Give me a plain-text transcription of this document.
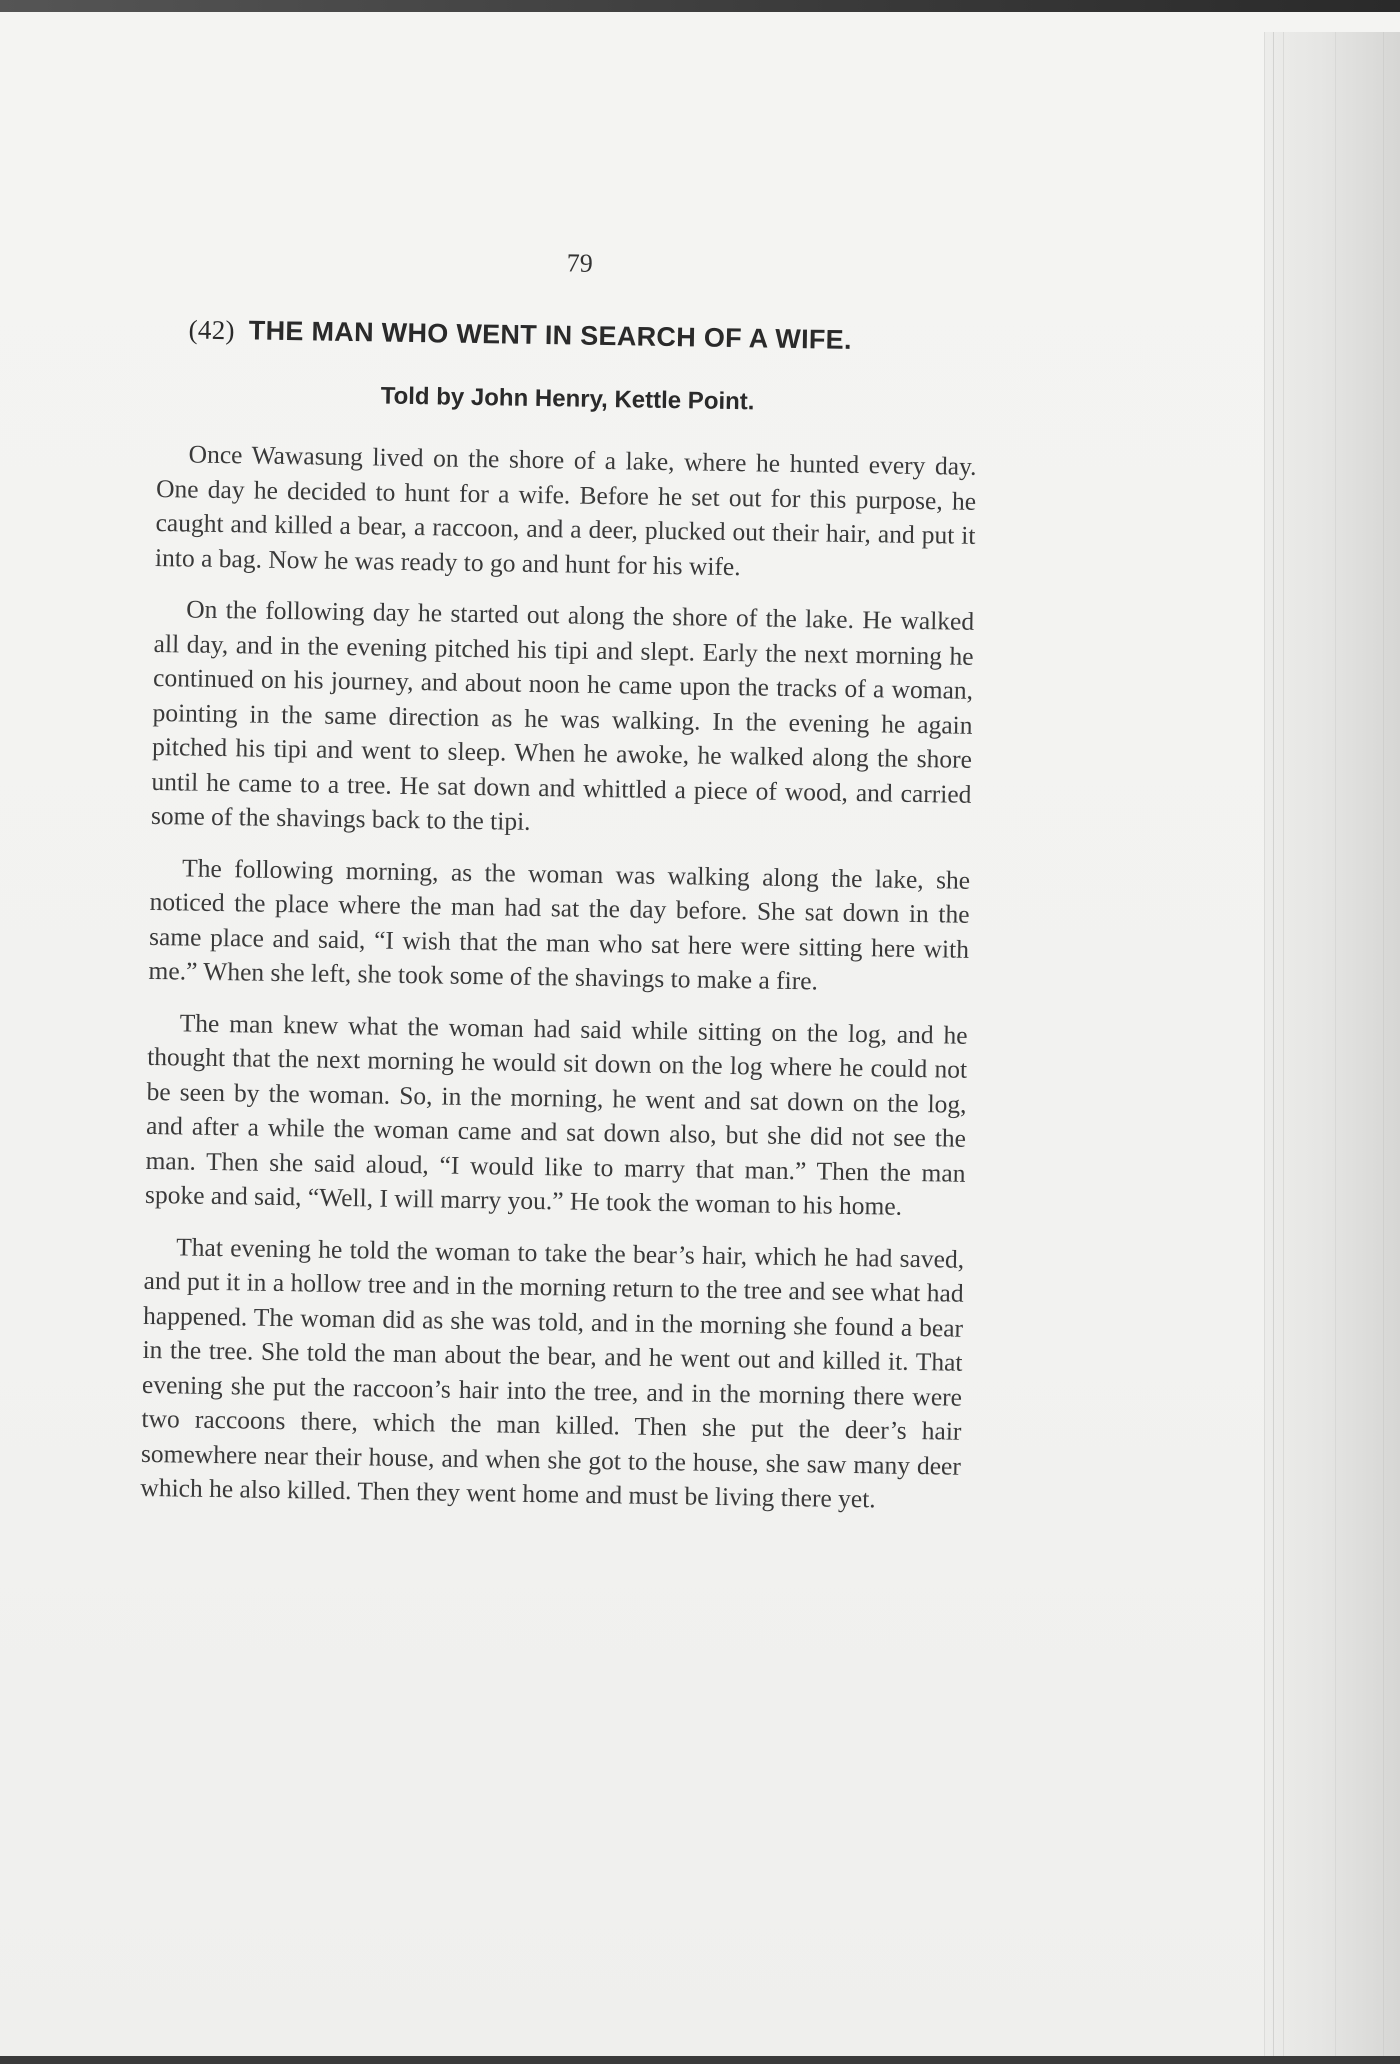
79
(42) THE MAN WHO WENT IN SEARCH OF A WIFE.
Told by John Henry, Kettle Point.

Once Wawasung lived on the shore of a lake, where he hunted every day. One day he decided to hunt for a wife. Before he set out for this purpose, he caught and killed a bear, a raccoon, and a deer, plucked out their hair, and put it into a bag. Now he was ready to go and hunt for his wife.

On the following day he started out along the shore of the lake. He walked all day, and in the evening pitched his tipi and slept. Early the next morning he continued on his journey, and about noon he came upon the tracks of a woman, pointing in the same direction as he was walking. In the evening he again pitched his tipi and went to sleep. When he awoke, he walked along the shore until he came to a tree. He sat down and whittled a piece of wood, and carried some of the shavings back to the tipi.

The following morning, as the woman was walking along the lake, she noticed the place where the man had sat the day before. She sat down in the same place and said, “I wish that the man who sat here were sitting here with me.” When she left, she took some of the shavings to make a fire.

The man knew what the woman had said while sitting on the log, and he thought that the next morning he would sit down on the log where he could not be seen by the woman. So, in the morning, he went and sat down on the log, and after a while the woman came and sat down also, but she did not see the man. Then she said aloud, “I would like to marry that man.” Then the man spoke and said, “Well, I will marry you.” He took the woman to his home.

That evening he told the woman to take the bear’s hair, which he had saved, and put it in a hollow tree and in the morning return to the tree and see what had happened. The woman did as she was told, and in the morning she found a bear in the tree. She told the man about the bear, and he went out and killed it. That evening she put the raccoon’s hair into the tree, and in the morning there were two raccoons there, which the man killed. Then she put the deer’s hair somewhere near their house, and when she got to the house, she saw many deer which he also killed. Then they went home and must be living there yet.
